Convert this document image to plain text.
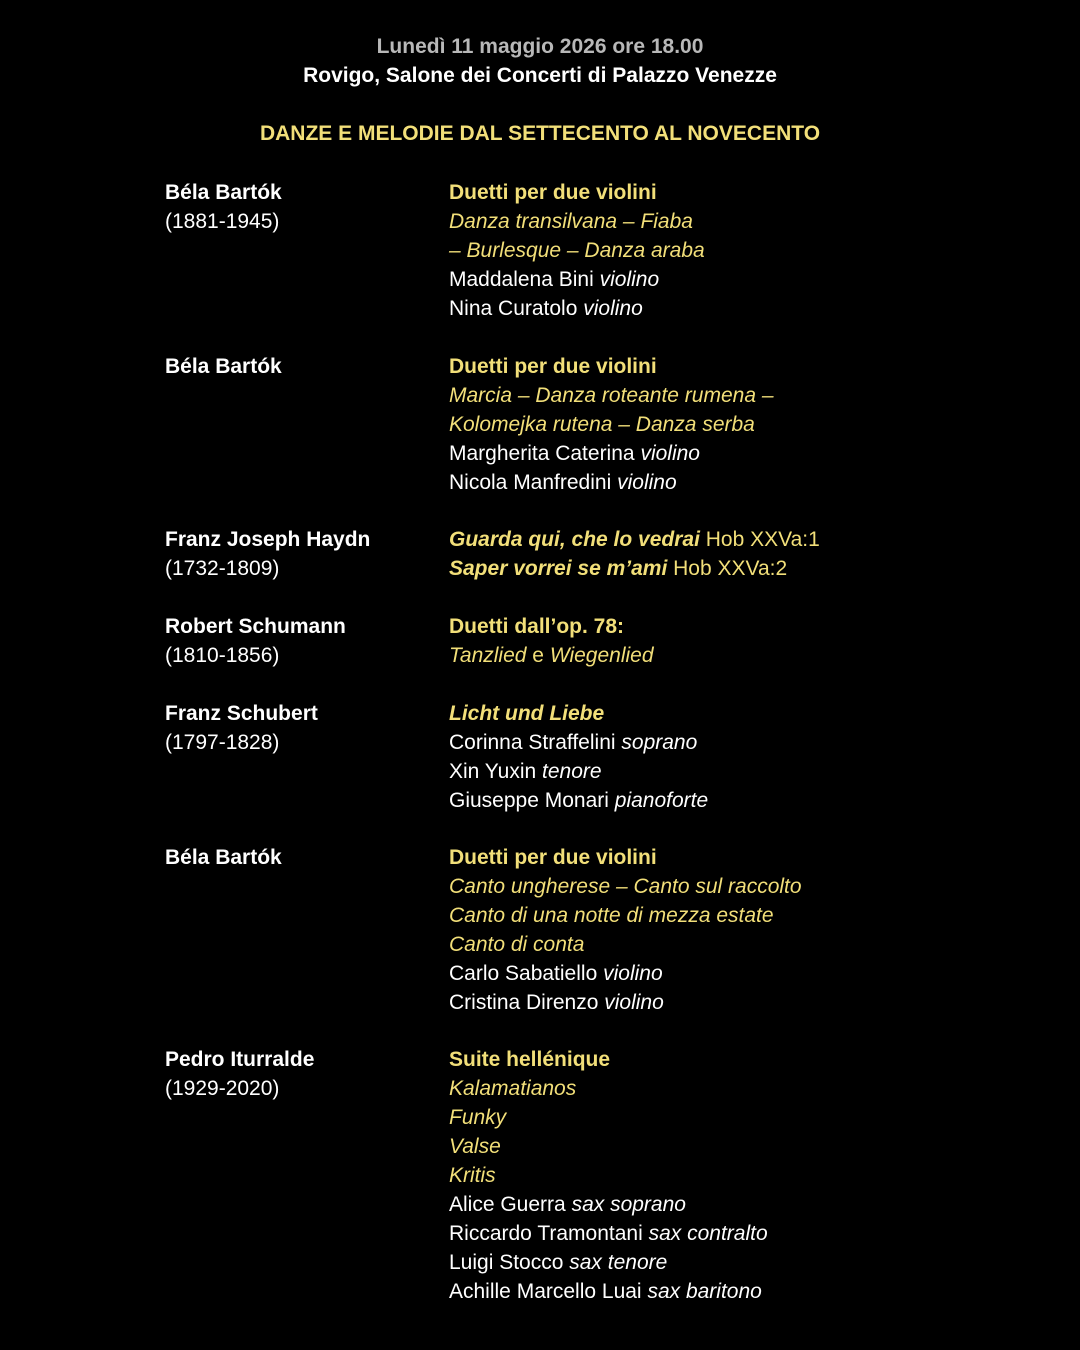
Lunedì 11 maggio 2026 ore 18.00
Rovigo, Salone dei Concerti di Palazzo Venezze
DANZE E MELODIE DAL SETTECENTO AL NOVECENTO
Béla Bartók
(1881-1945)
Duetti per due violini
Danza transilvana – Fiaba
– Burlesque – Danza araba
Maddalena Bini violino
Nina Curatolo violino
Béla Bartók	Duetti per due violini
Marcia – Danza roteante rumena –
Kolomejka rutena – Danza serba
Margherita Caterina violino
Nicola Manfredini violino
Franz Joseph Haydn
(1732-1809)
Guarda qui, che lo vedrai Hob XXVa:1
Saper vorrei se m’ami Hob XXVa:2
Robert Schumann
(1810-1856)
Duetti dall’op. 78:
Tanzlied e Wiegenlied
Franz Schubert
(1797-1828)
Licht und Liebe
Corinna Straffelini soprano
Xin Yuxin tenore
Giuseppe Monari pianoforte
Béla Bartók	Duetti per due violini
Canto ungherese – Canto sul raccolto
Canto di una notte di mezza estate
Canto di conta
Carlo Sabatiello violino
Cristina Direnzo violino
Pedro Iturralde
(1929-2020)
Suite hellénique
Kalamatianos
Funky
Valse
Kritis
Alice Guerra sax soprano
Riccardo Tramontani sax contralto
Luigi Stocco sax tenore
Achille Marcello Luai sax baritono
